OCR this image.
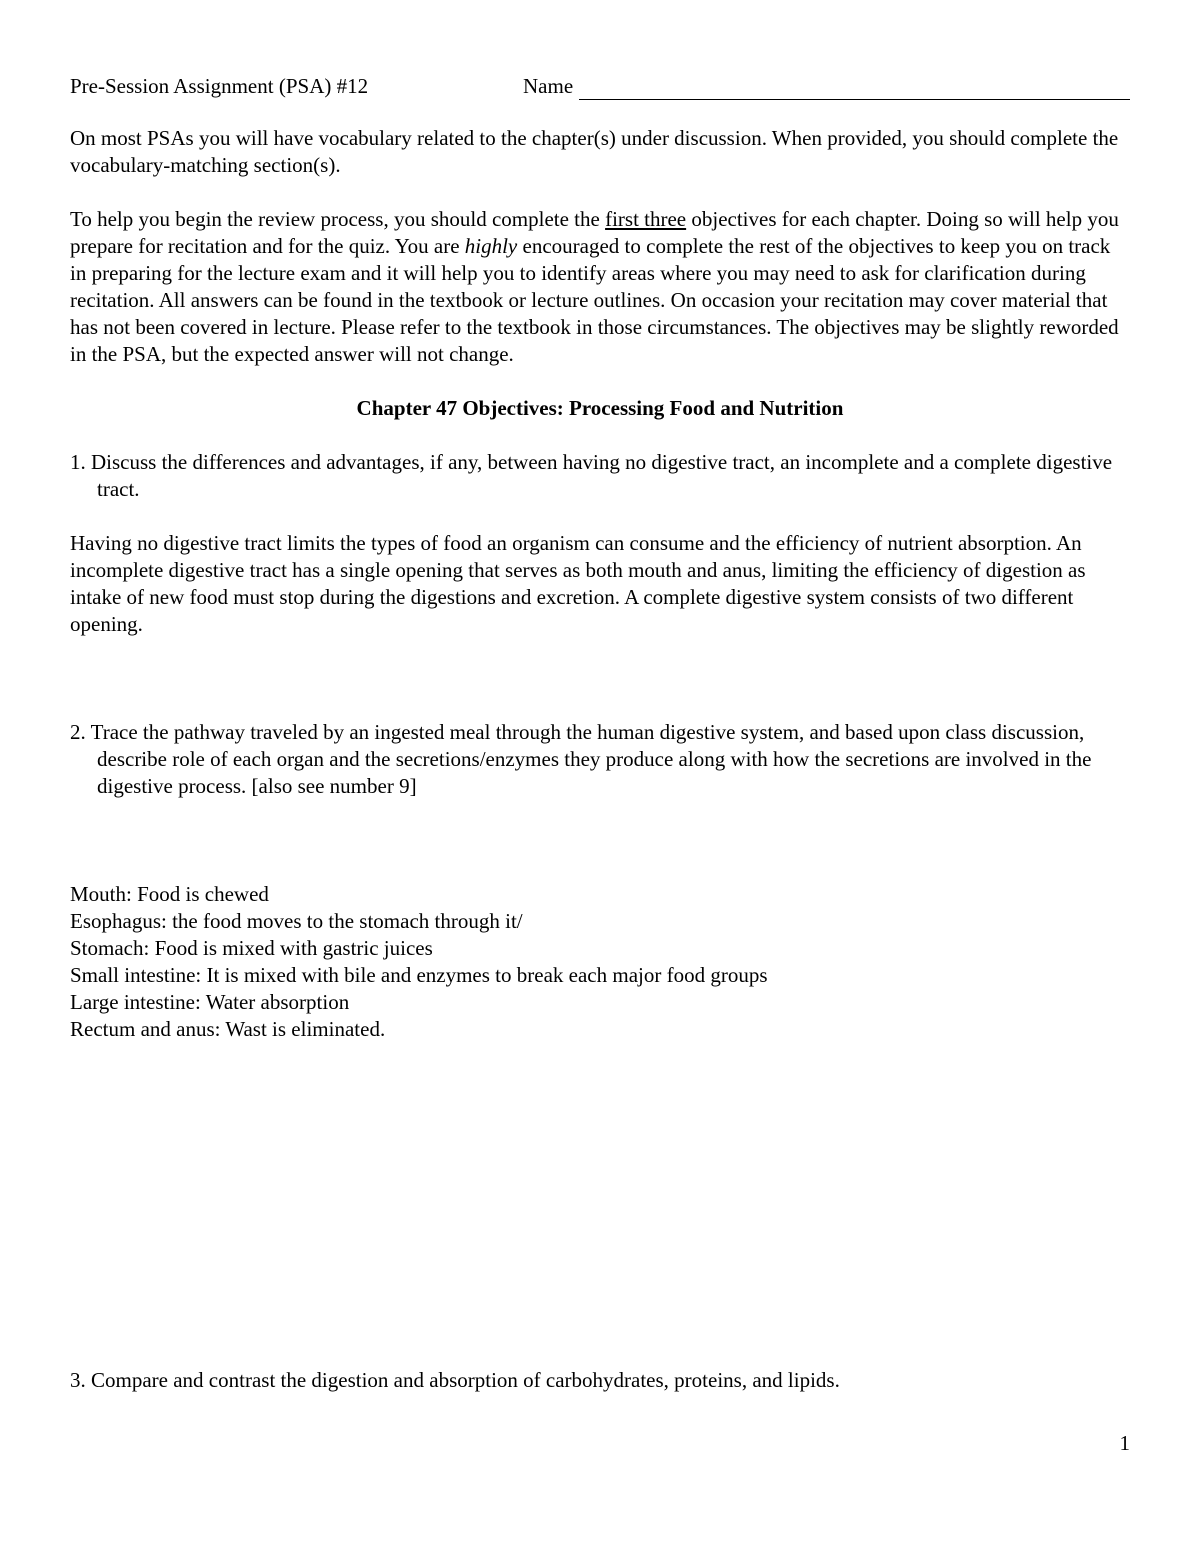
Pre-Session Assignment (PSA) #12	Name

On most PSAs you will have vocabulary related to the chapter(s) under discussion. When provided, you should complete the vocabulary-matching section(s).

To help you begin the review process, you should complete the first three objectives for each chapter. Doing so will help you prepare for recitation and for the quiz. You are highly encouraged to complete the rest of the objectives to keep you on track in preparing for the lecture exam and it will help you to identify areas where you may need to ask for clarification during recitation. All answers can be found in the textbook or lecture outlines. On occasion your recitation may cover material that has not been covered in lecture. Please refer to the textbook in those circumstances. The objectives may be slightly reworded in the PSA, but the expected answer will not change.

Chapter 47 Objectives: Processing Food and Nutrition

1. Discuss the differences and advantages, if any, between having no digestive tract, an incomplete and a complete digestive tract.

Having no digestive tract limits the types of food an organism can consume and the efficiency of nutrient absorption. An incomplete digestive tract has a single opening that serves as both mouth and anus, limiting the efficiency of digestion as intake of new food must stop during the digestions and excretion. A complete digestive system consists of two different opening.

2. Trace the pathway traveled by an ingested meal through the human digestive system, and based upon class discussion, describe role of each organ and the secretions/enzymes they produce along with how the secretions are involved in the digestive process. [also see number 9]

Mouth: Food is chewed
Esophagus: the food moves to the stomach through it/
Stomach: Food is mixed with gastric juices
Small intestine: It is mixed with bile and enzymes to break each major food groups
Large intestine: Water absorption
Rectum and anus: Wast is eliminated.

3. Compare and contrast the digestion and absorption of carbohydrates, proteins, and lipids.

1
